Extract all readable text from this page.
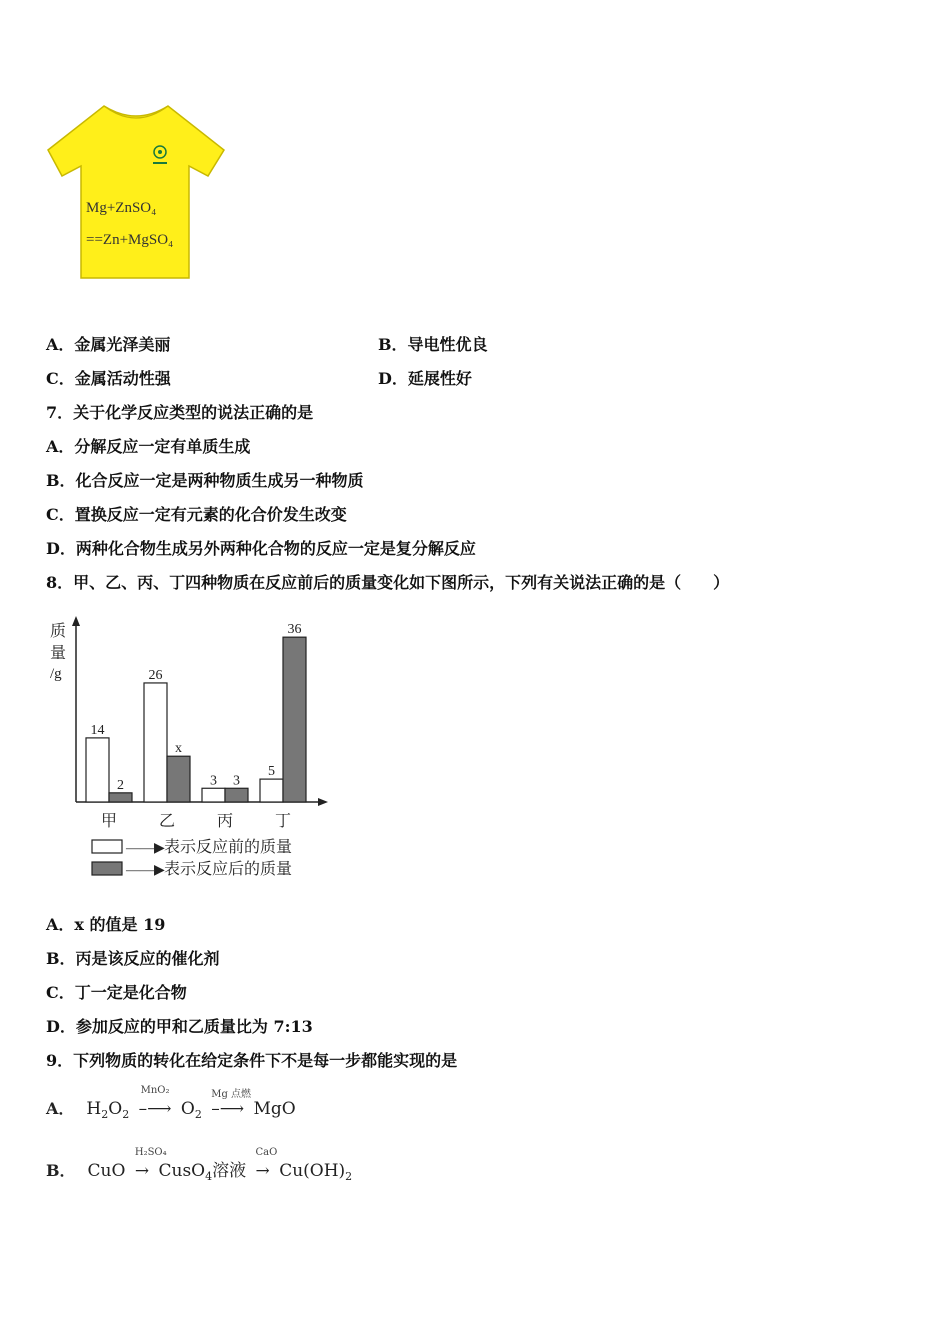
Mg+ZnSO₄
==Zn+MgSO₄
A．金属光泽美丽	B．导电性优良
C．金属活动性强	D．延展性好
7．关于化学反应类型的说法正确的是
A．分解反应一定有单质生成
B．化合反应一定是两种物质生成另一种物质
C．置换反应一定有元素的化合价发生改变
D．两种化合物生成另外两种化合物的反应一定是复分解反应
8．甲、乙、丙、丁四种物质在反应前后的质量变化如下图所示，下列有关说法正确的是（　　）
质
量
/g
14
2
26
x
3 3
5
36
甲	乙	丙	丁
——▶ 表示反应前的质量
——▶ 表示反应后的质量
A．x 的值是 19
B．丙是该反应的催化剂
C．丁一定是化合物
D．参加反应的甲和乙质量比为 7:13
9．下列物质的转化在给定条件下不是每一步都能实现的是
A． $H_2O_2$
MnO₂
–⟶ $O_2$
Mg 点燃
–⟶ MgO
B． CuO
H₂SO₄
→ CusO$_4$溶液
CaO
→ $Cu(OH)_2$
